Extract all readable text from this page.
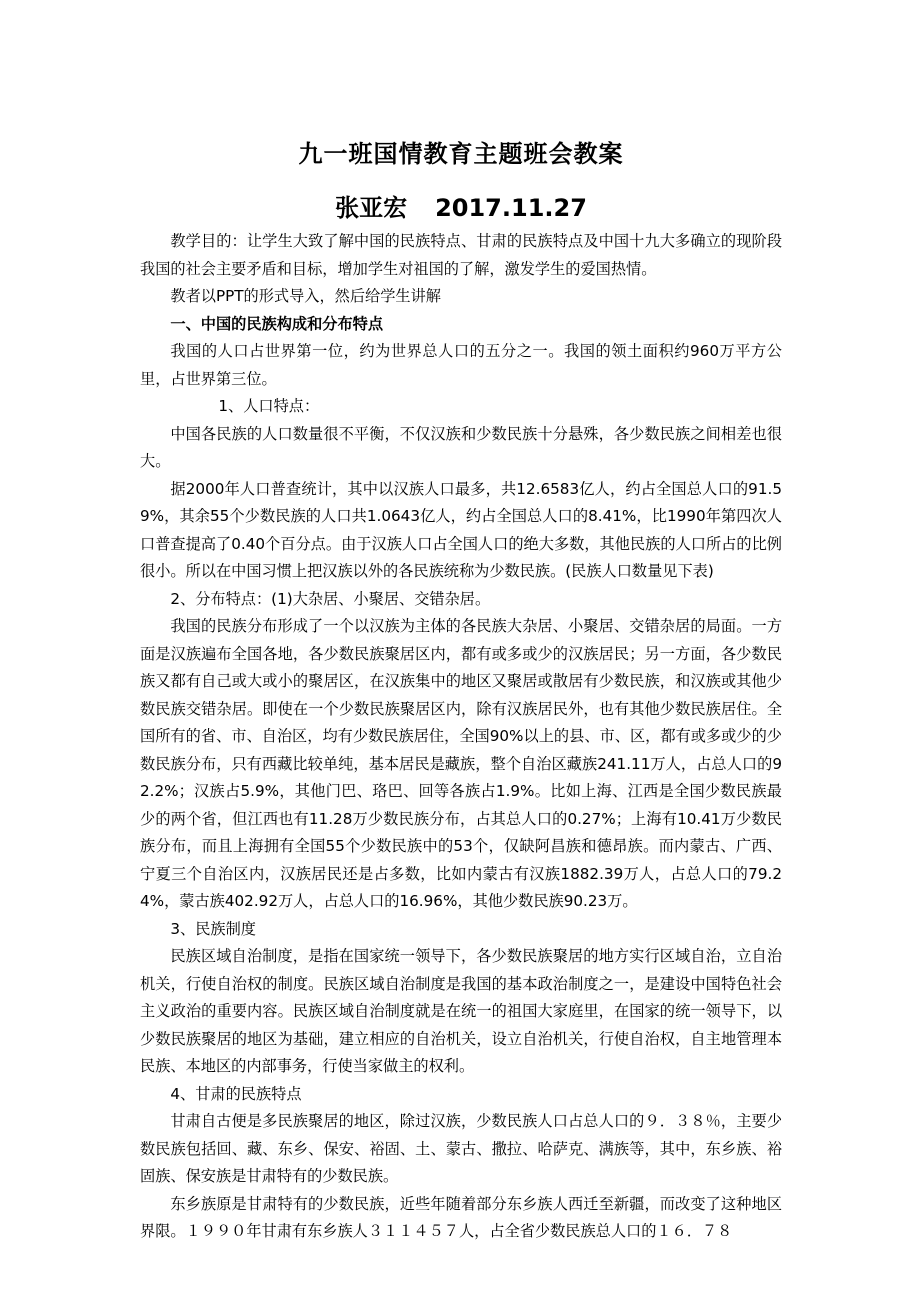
九一班国情教育主题班会教案
张亚宏 2017.11.27

教学目的：让学生大致了解中国的民族特点、甘肃的民族特点及中国十九大多确立的现阶段我国的社会主要矛盾和目标，增加学生对祖国的了解，激发学生的爱国热情。

教者以PPT的形式导入，然后给学生讲解

一、中国的民族构成和分布特点

我国的人口占世界第一位，约为世界总人口的五分之一。我国的领土面积约960万平方公里，占世界第三位。

1、人口特点：

中国各民族的人口数量很不平衡，不仅汉族和少数民族十分悬殊，各少数民族之间相差也很大。

据2000年人口普查统计，其中以汉族人口最多，共12.6583亿人，约占全国总人口的91.59%，其余55个少数民族的人口共1.0643亿人，约占全国总人口的8.41%，比1990年第四次人口普查提高了0.40个百分点。由于汉族人口占全国人口的绝大多数，其他民族的人口所占的比例很小。所以在中国习惯上把汉族以外的各民族统称为少数民族。(民族人口数量见下表)

2、分布特点：(1)大杂居、小聚居、交错杂居。

我国的民族分布形成了一个以汉族为主体的各民族大杂居、小聚居、交错杂居的局面。一方面是汉族遍布全国各地，各少数民族聚居区内，都有或多或少的汉族居民；另一方面，各少数民族又都有自己或大或小的聚居区，在汉族集中的地区又聚居或散居有少数民族，和汉族或其他少数民族交错杂居。即使在一个少数民族聚居区内，除有汉族居民外，也有其他少数民族居住。全国所有的省、市、自治区，均有少数民族居住，全国90%以上的县、市、区，都有或多或少的少数民族分布，只有西藏比较单纯，基本居民是藏族，整个自治区藏族241.11万人，占总人口的92.2%；汉族占5.9%，其他门巴、珞巴、回等各族占1.9%。比如上海、江西是全国少数民族最少的两个省，但江西也有11.28万少数民族分布，占其总人口的0.27%；上海有10.41万少数民族分布，而且上海拥有全国55个少数民族中的53个，仅缺阿昌族和德昂族。而内蒙古、广西、宁夏三个自治区内，汉族居民还是占多数，比如内蒙古有汉族1882.39万人，占总人口的79.24%，蒙古族402.92万人，占总人口的16.96%，其他少数民族90.23万。

3、民族制度

民族区域自治制度，是指在国家统一领导下，各少数民族聚居的地方实行区域自治，立自治机关，行使自治权的制度。民族区域自治制度是我国的基本政治制度之一，是建设中国特色社会主义政治的重要内容。民族区域自治制度就是在统一的祖国大家庭里，在国家的统一领导下，以少数民族聚居的地区为基础，建立相应的自治机关，设立自治机关，行使自治权，自主地管理本民族、本地区的内部事务，行使当家做主的权利。

4、甘肃的民族特点

甘肃自古便是多民族聚居的地区，除过汉族，少数民族人口占总人口的９．３８％，主要少数民族包括回、藏、东乡、保安、裕固、土、蒙古、撒拉、哈萨克、满族等，其中，东乡族、裕固族、保安族是甘肃特有的少数民族。

东乡族原是甘肃特有的少数民族，近些年随着部分东乡族人西迁至新疆，而改变了这种地区界限。１９９０年甘肃有东乡族人３１１４５７人，占全省少数民族总人口的１６．７８
